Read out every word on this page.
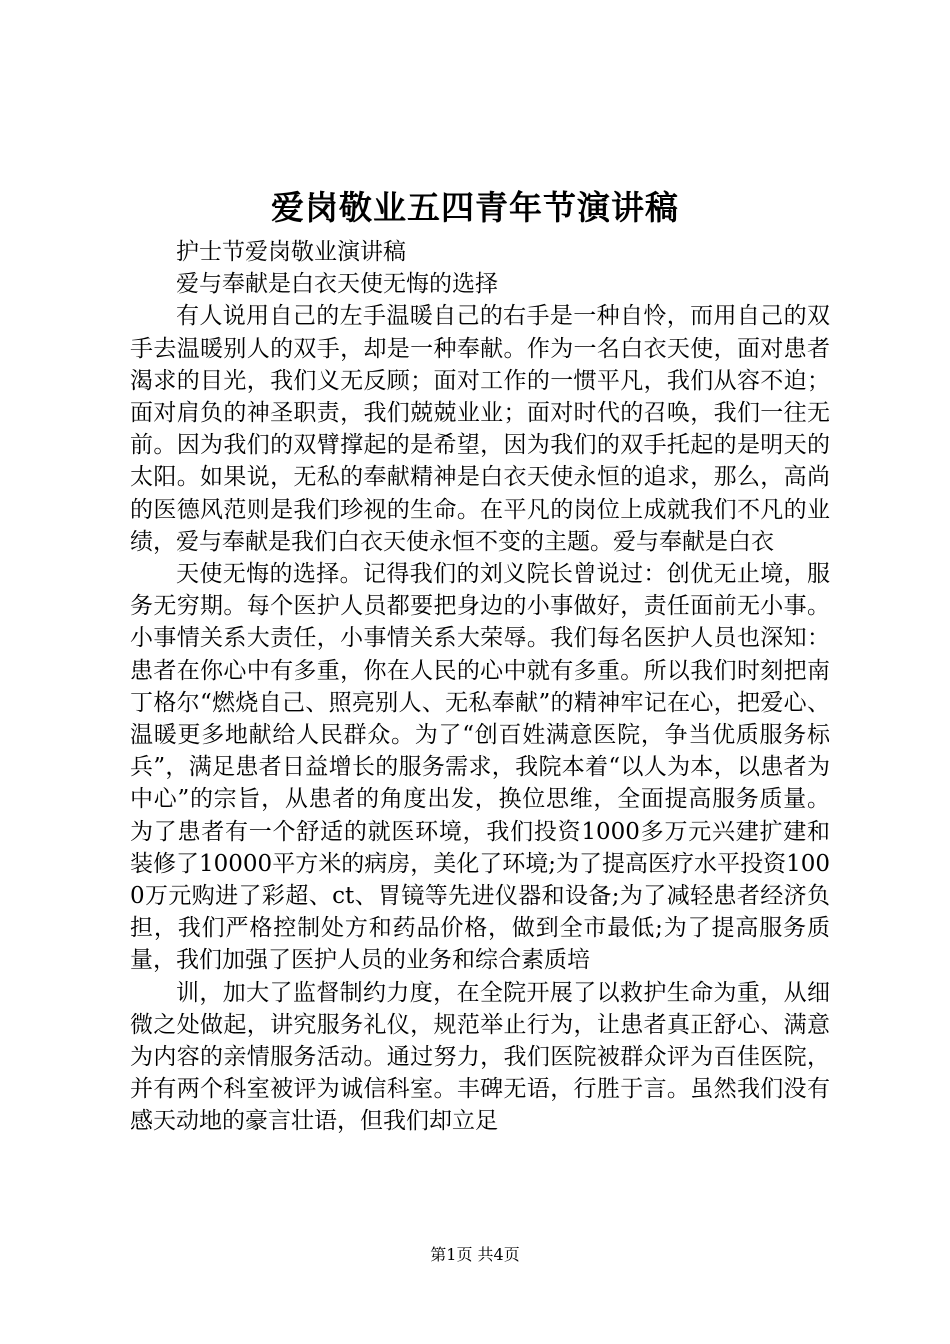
爱岗敬业五四青年节演讲稿

护士节爱岗敬业演讲稿

爱与奉献是白衣天使无悔的选择

有人说用自己的左手温暖自己的右手是一种自怜，而用自己的双手去温暖别人的双手，却是一种奉献。作为一名白衣天使，面对患者渴求的目光，我们义无反顾；面对工作的一惯平凡，我们从容不迫；面对肩负的神圣职责，我们兢兢业业；面对时代的召唤，我们一往无前。因为我们的双臂撑起的是希望，因为我们的双手托起的是明天的太阳。如果说，无私的奉献精神是白衣天使永恒的追求，那么，高尚的医德风范则是我们珍视的生命。在平凡的岗位上成就我们不凡的业绩，爱与奉献是我们白衣天使永恒不变的主题。爱与奉献是白衣

天使无悔的选择。记得我们的刘义院长曾说过：创优无止境，服务无穷期。每个医护人员都要把身边的小事做好，责任面前无小事。小事情关系大责任，小事情关系大荣辱。我们每名医护人员也深知：患者在你心中有多重，你在人民的心中就有多重。所以我们时刻把南丁格尔“燃烧自己、照亮别人、无私奉献”的精神牢记在心，把爱心、温暖更多地献给人民群众。为了“创百姓满意医院，争当优质服务标兵”，满足患者日益增长的服务需求，我院本着“以人为本，以患者为中心”的宗旨，从患者的角度出发，换位思维，全面提高服务质量。为了患者有一个舒适的就医环境，我们投资1000多万元兴建扩建和装修了10000平方米的病房，美化了环境;为了提高医疗水平投资1000万元购进了彩超、ct、胃镜等先进仪器和设备;为了减轻患者经济负担，我们严格控制处方和药品价格，做到全市最低;为了提高服务质量，我们加强了医护人员的业务和综合素质培

训，加大了监督制约力度，在全院开展了以救护生命为重，从细微之处做起，讲究服务礼仪，规范举止行为，让患者真正舒心、满意为内容的亲情服务活动。通过努力，我们医院被群众评为百佳医院，并有两个科室被评为诚信科室。丰碑无语，行胜于言。虽然我们没有感天动地的豪言壮语，但我们却立足

第1页 共4页
